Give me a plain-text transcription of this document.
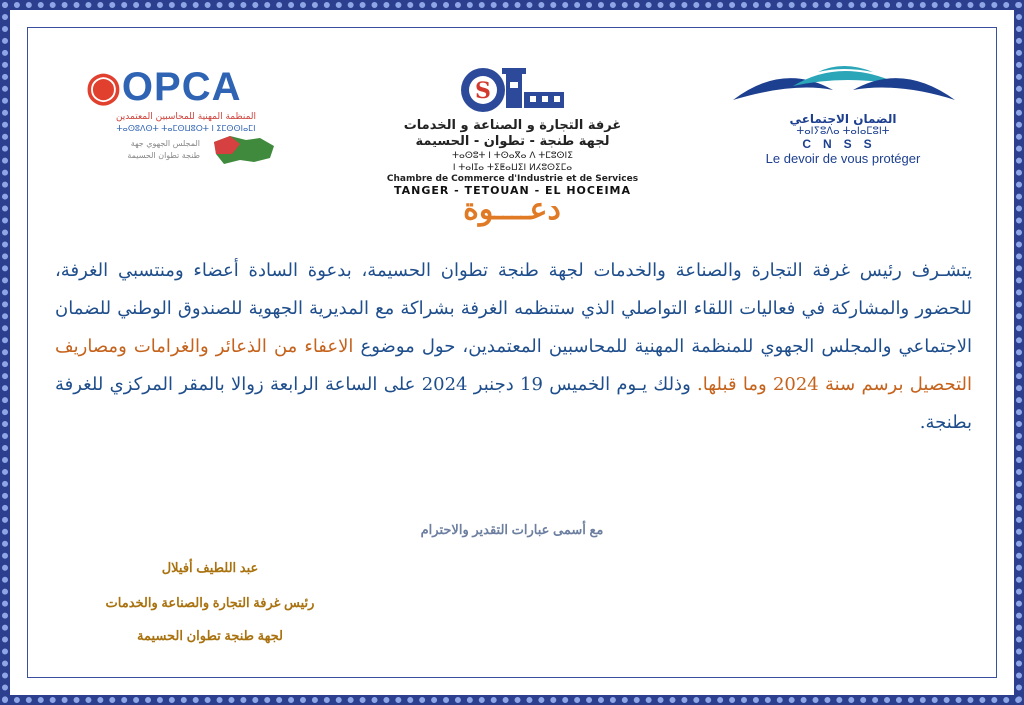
◉OPCA
المنظمة المهنية للمحاسبين المعتمدين
ⵜⴰⵙⵓⴷⵙⵜ ⵜⴰⵎⵙⵡⵓⵔⵜ ⵏ ⵉⵎⵙⵙⵏⴰⵎⵏ
المجلس الجهوي جهة
طنجة تطوان الحسيمة
S
غرفة التجارة و الصناعة و الخدمات
لجهة طنجة - تطوان - الحسيمة
ⵜⴰⵙⵓⵜ ⵏ ⵜⵙⴰⴳⴰ ⴷ ⵜⵎⵓⵙⵏⵉ
ⵏ ⵜⴰⵏⵊⴰ ⵜⵉⵟⴰⵡⵉⵏ ⵍⵃⵓⵙⵉⵎⴰ
Chambre de Commerce d'Industrie et de Services
TANGER - TETOUAN - EL HOCEIMA
الضمان الاجتماعي
ⵜⴰⵏⵢⵓⴷⴰ ⵜⴰⵏⴰⵎⵓⵏⵜ
CNSS
Le devoir de vous protéger
دعــــوة
يتشـرف رئيس غرفة التجارة والصناعة والخدمات لجهة طنجة تطوان الحسيمة، بدعوة السادة أعضاء ومنتسبي الغرفة، للحضور والمشاركة في فعاليات اللقاء التواصلي الذي ستنظمه الغرفة بشراكة مع المديرية الجهوية للصندوق الوطني للضمان الاجتماعي والمجلس الجهوي للمنظمة المهنية للمحاسبين المعتمدين، حول موضوع الاعفاء من الذعائر والغرامات ومصاريف التحصيل برسم سنة 2024 وما قبلها. وذلك يـوم الخميس 19 دجنبر 2024 على الساعة الرابعة زوالا بالمقر المركزي للغرفة بطنجة.
مع أسمى عبارات التقدير والاحترام
عبد اللطيف أفيلال
رئيس غرفة التجارة والصناعة والخدمات
لجهة طنجة تطوان الحسيمة
